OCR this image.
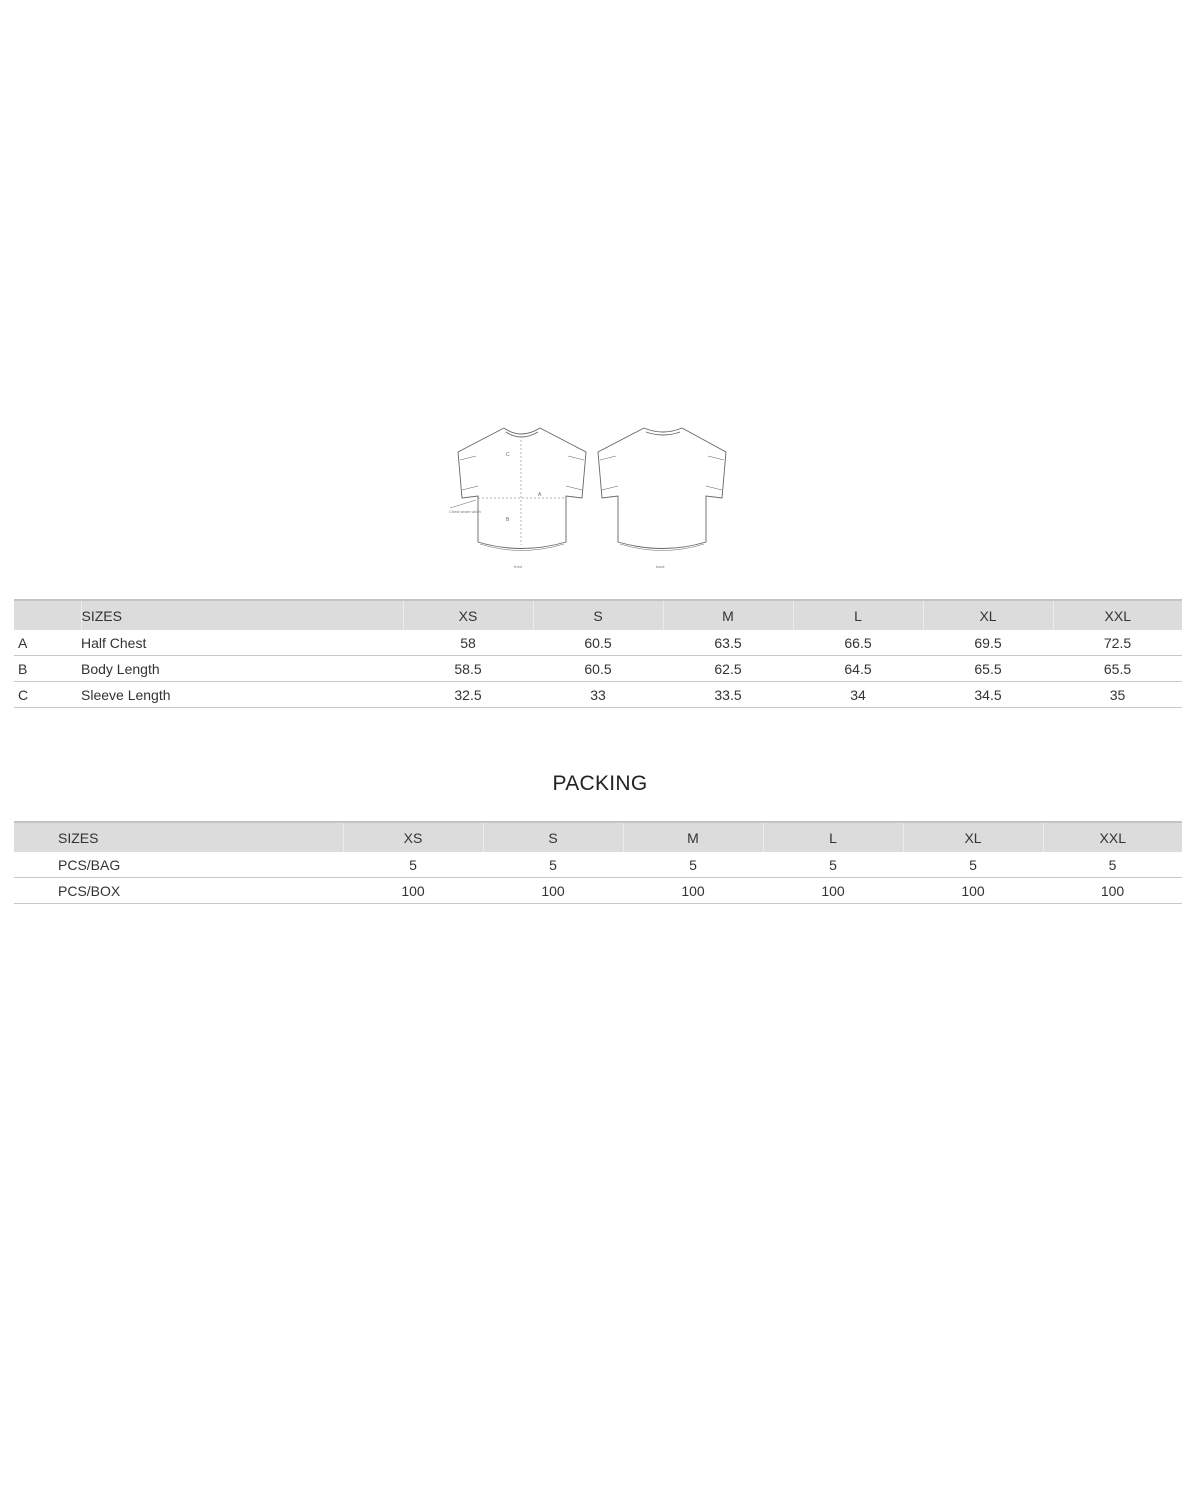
A
B
C
Chest seam width
front	back
	SIZES	XS	S	M	L	XL	XXL
A	Half Chest	58	60.5	63.5	66.5	69.5	72.5
B	Body Length	58.5	60.5	62.5	64.5	65.5	65.5
C	Sleeve Length	32.5	33	33.5	34	34.5	35
PACKING
SIZES	XS	S	M	L	XL	XXL
PCS/BAG	5	5	5	5	5	5
PCS/BOX	100	100	100	100	100	100
